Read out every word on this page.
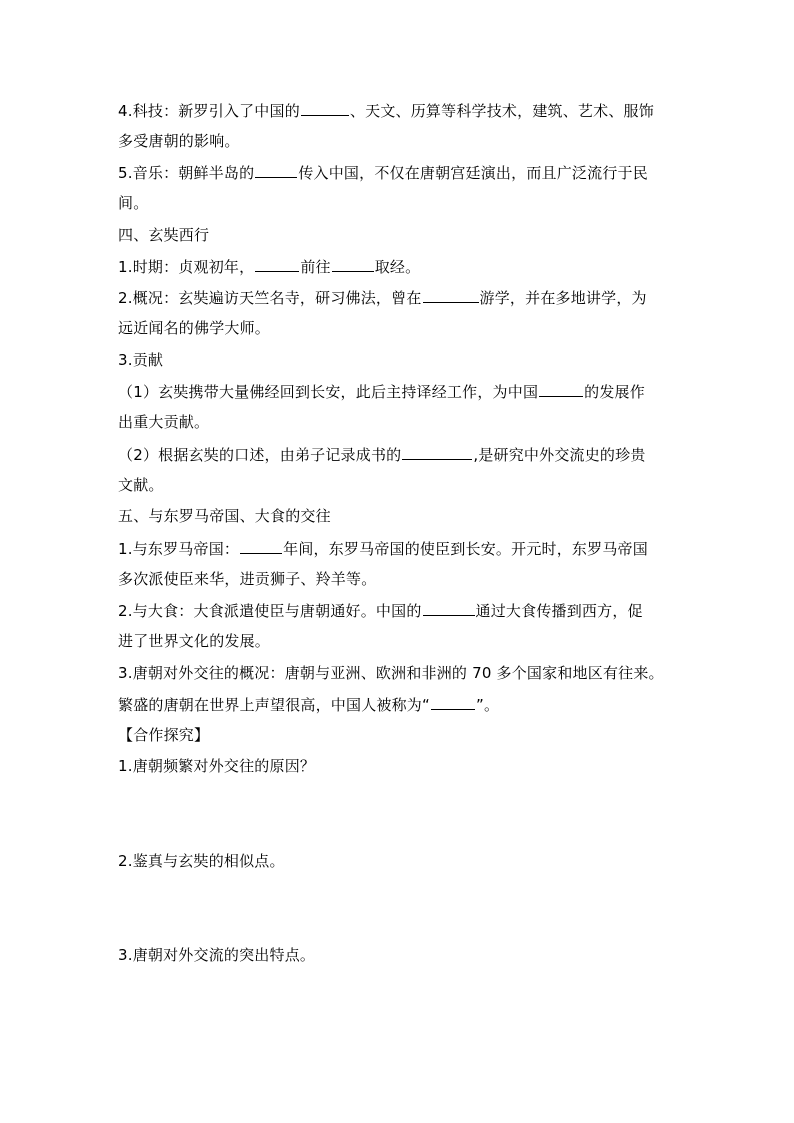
4.科技：新罗引入了中国的	、天文、历算等科学技术，建筑、艺术、服饰
多受唐朝的影响。
5.音乐：朝鲜半岛的	传入中国，不仅在唐朝宫廷演出，而且广泛流行于民
间。
四、玄奘西行
1.时期：贞观初年，	前往	取经。
2.概况：玄奘遍访天竺名寺，研习佛法，曾在	游学，并在多地讲学，为
远近闻名的佛学大师。
3.贡献
（1）玄奘携带大量佛经回到长安，此后主持译经工作，为中国	的发展作
出重大贡献。
（2）根据玄奘的口述，由弟子记录成书的	,是研究中外交流史的珍贵
文献。
五、与东罗马帝国、大食的交往
1.与东罗马帝国：	年间，东罗马帝国的使臣到长安。开元时，东罗马帝国
多次派使臣来华，进贡狮子、羚羊等。
2.与大食：大食派遣使臣与唐朝通好。中国的	通过大食传播到西方，促
进了世界文化的发展。
3.唐朝对外交往的概况：唐朝与亚洲、欧洲和非洲的 70 多个国家和地区有往来。
繁盛的唐朝在世界上声望很高，中国人被称为“	”。
【合作探究】
1.唐朝频繁对外交往的原因？
2.鉴真与玄奘的相似点。
3.唐朝对外交流的突出特点。
